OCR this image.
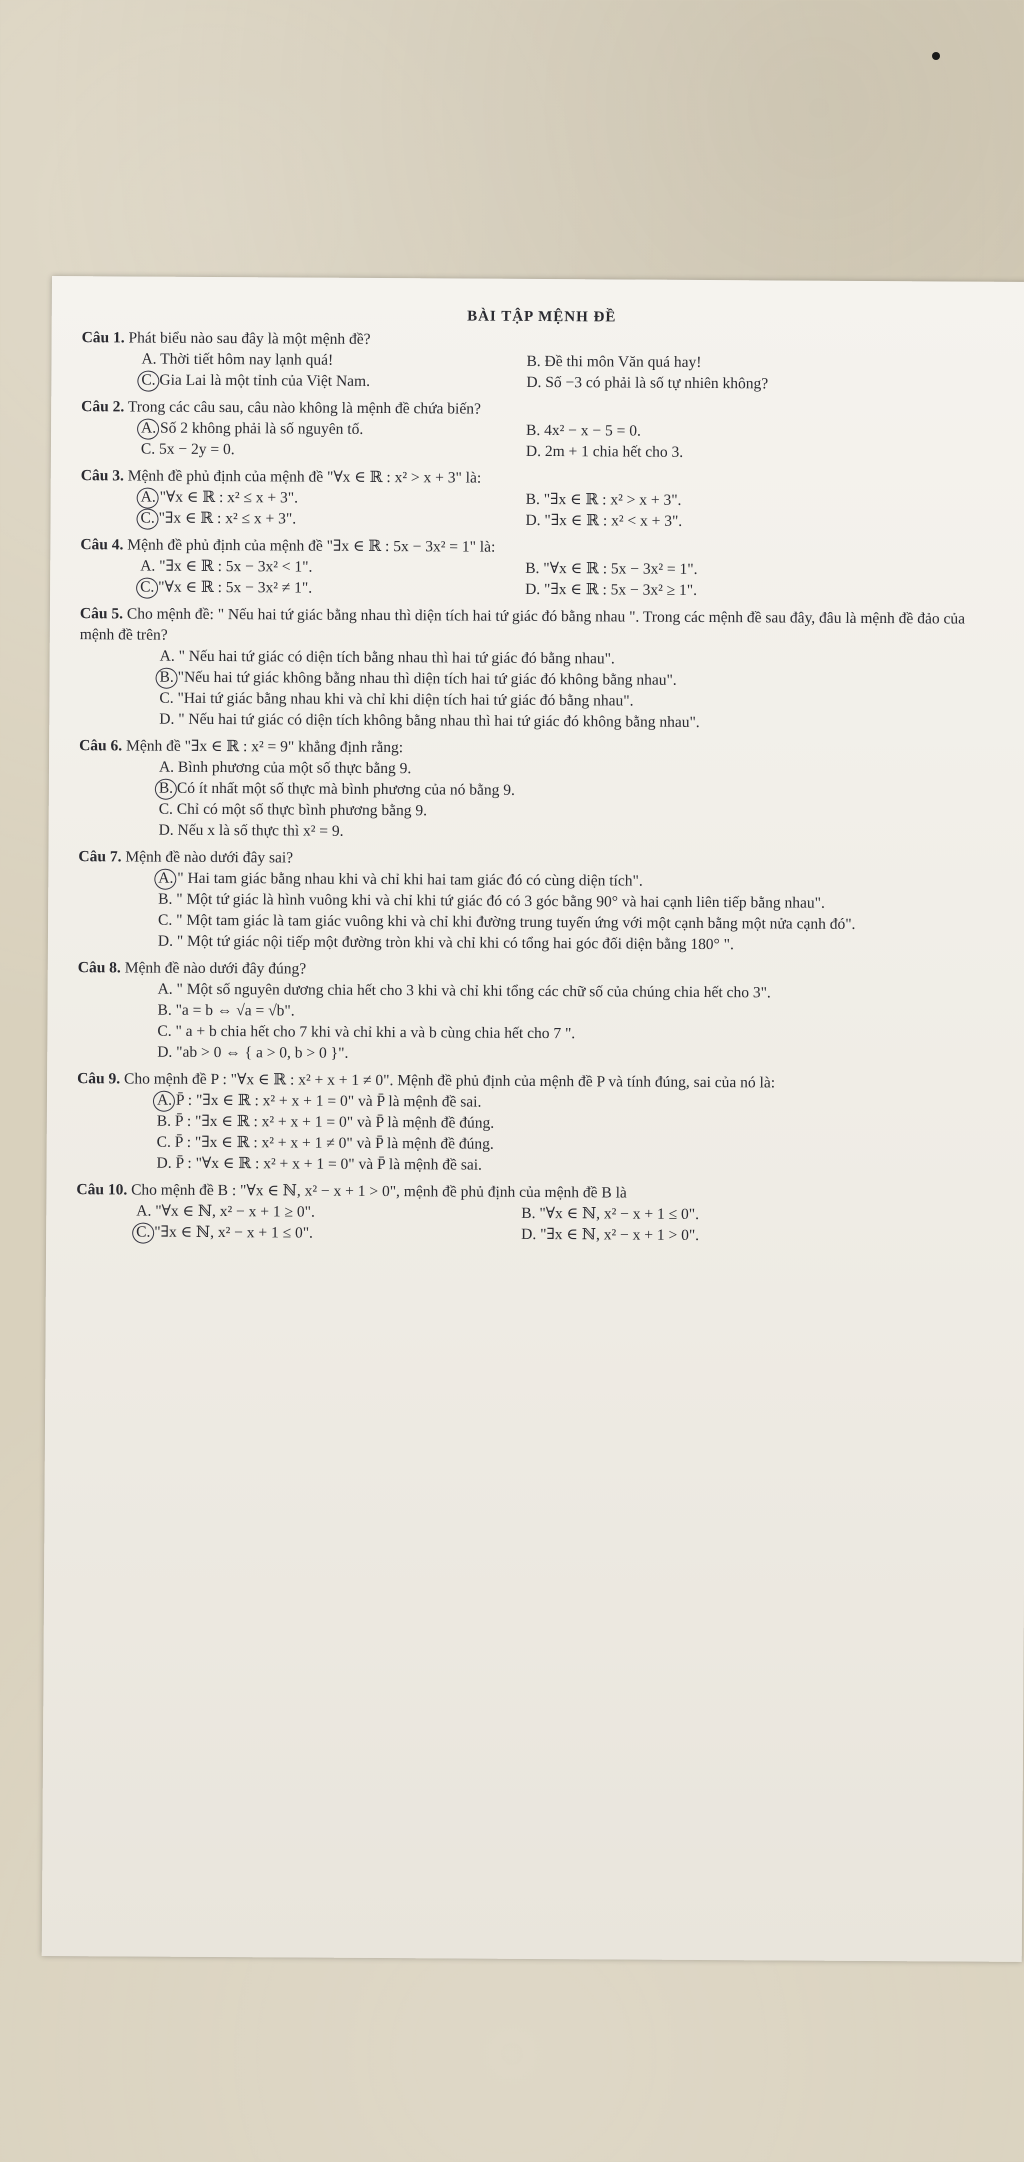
BÀI TẬP MỆNH ĐỀ
Câu 1. Phát biểu nào sau đây là một mệnh đề?
A. Thời tiết hôm nay lạnh quá!	B. Đề thi môn Văn quá hay!
C. Gia Lai là một tỉnh của Việt Nam.	D. Số −3 có phải là số tự nhiên không?
Câu 2. Trong các câu sau, câu nào không là mệnh đề chứa biến?
A. Số 2 không phải là số nguyên tố.	B. 4x² − x − 5 = 0.
C. 5x − 2y = 0.	D. 2m + 1 chia hết cho 3.
Câu 3. Mệnh đề phủ định của mệnh đề "∀x ∈ ℝ : x² > x + 3" là:
A. "∀x ∈ ℝ : x² ≤ x + 3".	B. "∃x ∈ ℝ : x² > x + 3".
C. "∃x ∈ ℝ : x² ≤ x + 3".	D. "∃x ∈ ℝ : x² < x + 3".
Câu 4. Mệnh đề phủ định của mệnh đề "∃x ∈ ℝ : 5x − 3x² = 1" là:
A. "∃x ∈ ℝ : 5x − 3x² < 1".	B. "∀x ∈ ℝ : 5x − 3x² = 1".
C. "∀x ∈ ℝ : 5x − 3x² ≠ 1".	D. "∃x ∈ ℝ : 5x − 3x² ≥ 1".
Câu 5. Cho mệnh đề: " Nếu hai tứ giác bằng nhau thì diện tích hai tứ giác đó bằng nhau ". Trong các mệnh đề sau đây, đâu là mệnh đề đảo của mệnh đề trên?
A. " Nếu hai tứ giác có diện tích bằng nhau thì hai tứ giác đó bằng nhau".
B. "Nếu hai tứ giác không bằng nhau thì diện tích hai tứ giác đó không bằng nhau".
C. "Hai tứ giác bằng nhau khi và chỉ khi diện tích hai tứ giác đó bằng nhau".
D. " Nếu hai tứ giác có diện tích không bằng nhau thì hai tứ giác đó không bằng nhau".
Câu 6. Mệnh đề "∃x ∈ ℝ : x² = 9" khẳng định rằng:
A. Bình phương của một số thực bằng 9.
B. Có ít nhất một số thực mà bình phương của nó bằng 9.
C. Chỉ có một số thực bình phương bằng 9.
D. Nếu x là số thực thì x² = 9.
Câu 7. Mệnh đề nào dưới đây sai?
A. " Hai tam giác bằng nhau khi và chỉ khi hai tam giác đó có cùng diện tích".
B. " Một tứ giác là hình vuông khi và chỉ khi tứ giác đó có 3 góc bằng 90° và hai cạnh liên tiếp bằng nhau".
C. " Một tam giác là tam giác vuông khi và chỉ khi đường trung tuyến ứng với một cạnh bằng một nửa cạnh đó".
D. " Một tứ giác nội tiếp một đường tròn khi và chỉ khi có tổng hai góc đối diện bằng 180° ".
Câu 8. Mệnh đề nào dưới đây đúng?
A. " Một số nguyên dương chia hết cho 3 khi và chỉ khi tổng các chữ số của chúng chia hết cho 3".
B. "a = b ⇔ √a = √b".
C. " a + b chia hết cho 7 khi và chỉ khi a và b cùng chia hết cho 7 ".
D. "ab > 0 ⇔ { a > 0, b > 0 }".
Câu 9. Cho mệnh đề P : "∀x ∈ ℝ : x² + x + 1 ≠ 0". Mệnh đề phủ định của mệnh đề P và tính đúng, sai của nó là:
A. P̄ : "∃x ∈ ℝ : x² + x + 1 = 0" và P̄ là mệnh đề sai.
B. P̄ : "∃x ∈ ℝ : x² + x + 1 = 0" và P̄ là mệnh đề đúng.
C. P̄ : "∃x ∈ ℝ : x² + x + 1 ≠ 0" và P̄ là mệnh đề đúng.
D. P̄ : "∀x ∈ ℝ : x² + x + 1 = 0" và P̄ là mệnh đề sai.
Câu 10. Cho mệnh đề B : "∀x ∈ ℕ, x² − x + 1 > 0", mệnh đề phủ định của mệnh đề B là
A. "∀x ∈ ℕ, x² − x + 1 ≥ 0".	B. "∀x ∈ ℕ, x² − x + 1 ≤ 0".
C. "∃x ∈ ℕ, x² − x + 1 ≤ 0".	D. "∃x ∈ ℕ, x² − x + 1 > 0".
